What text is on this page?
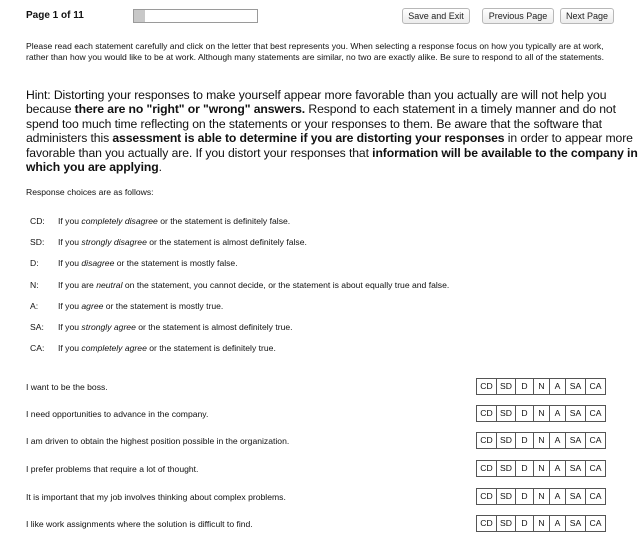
Page 1 of 11	Save and Exit	Previous Page	Next Page

Please read each statement carefully and click on the letter that best represents you. When selecting a response focus on how you typically are at work, rather than how you would like to be at work. Although many statements are similar, no two are exactly alike. Be sure to respond to all of the statements.

Hint: Distorting your responses to make yourself appear more favorable than you actually are will not help you because there are no "right" or "wrong" answers. Respond to each statement in a timely manner and do not spend too much time reflecting on the statements or your responses to them. Be aware that the software that administers this assessment is able to determine if you are distorting your responses in order to appear more favorable than you actually are. If you distort your responses that information will be available to the company in which you are applying.

Response choices are as follows:
CD: If you completely disagree or the statement is definitely false.
SD: If you strongly disagree or the statement is almost definitely false.
D: If you disagree or the statement is mostly false.
N: If you are neutral on the statement, you cannot decide, or the statement is about equally true and false.
A: If you agree or the statement is mostly true.
SA: If you strongly agree or the statement is almost definitely true.
CA: If you completely agree or the statement is definitely true.
I want to be the boss.	CD SD	D	N	A	SA CA
I need opportunities to advance in the company.	CD SD	D	N	A	SA CA
I am driven to obtain the highest position possible in the organization.	CD SD	D	N	A	SA CA
I prefer problems that require a lot of thought.	CD SD	D	N	A	SA CA
It is important that my job involves thinking about complex problems.	CD SD	D	N	A	SA CA
I like work assignments where the solution is difficult to find.	CD SD	D	N	A	SA CA
